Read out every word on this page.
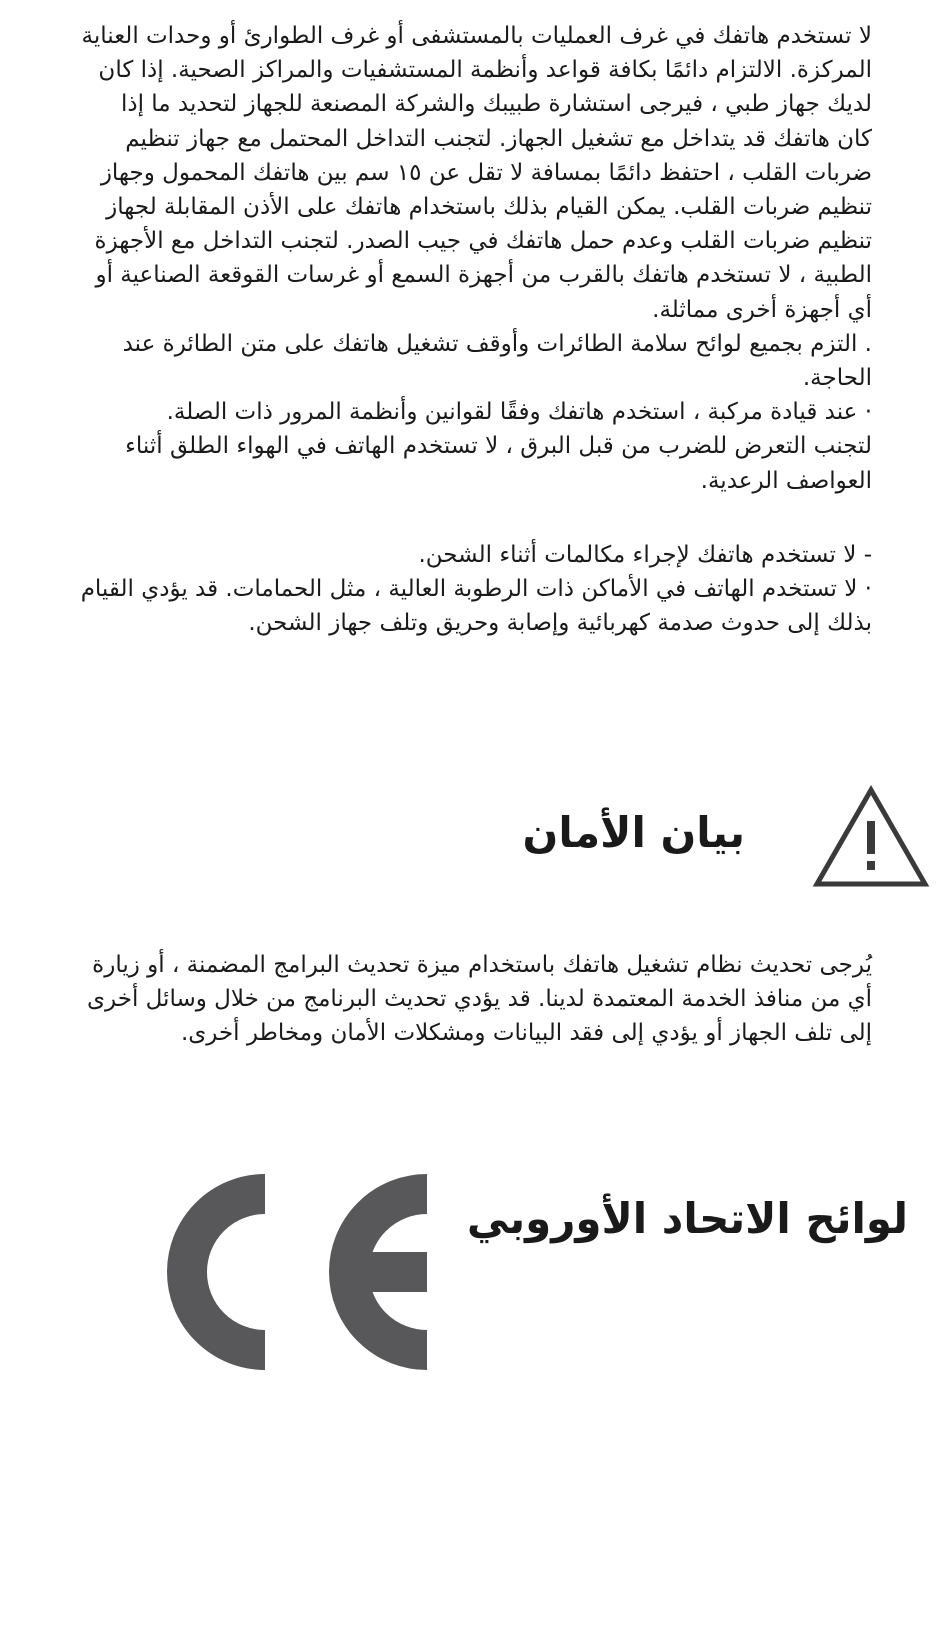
لا تستخدم هاتفك في غرف العمليات بالمستشفى أو غرف الطوارئ أو وحدات العناية
المركزة. الالتزام دائمًا بكافة قواعد وأنظمة المستشفيات والمراكز الصحية. إذا كان
لديك جهاز طبي ، فيرجى استشارة طبيبك والشركة المصنعة للجهاز لتحديد ما إذا
كان هاتفك قد يتداخل مع تشغيل الجهاز. لتجنب التداخل المحتمل مع جهاز تنظيم
ضربات القلب ، احتفظ دائمًا بمسافة لا تقل عن ١٥ سم بين هاتفك المحمول وجهاز
تنظيم ضربات القلب. يمكن القيام بذلك باستخدام هاتفك على الأذن المقابلة لجهاز
تنظيم ضربات القلب وعدم حمل هاتفك في جيب الصدر. لتجنب التداخل مع الأجهزة
الطبية ، لا تستخدم هاتفك بالقرب من أجهزة السمع أو غرسات القوقعة الصناعية أو
أي أجهزة أخرى مماثلة.
. التزم بجميع لوائح سلامة الطائرات وأوقف تشغيل هاتفك على متن الطائرة عند
الحاجة.
· عند قيادة مركبة ، استخدم هاتفك وفقًا لقوانين وأنظمة المرور ذات الصلة.
لتجنب التعرض للضرب من قبل البرق ، لا تستخدم الهاتف في الهواء الطلق أثناء
العواصف الرعدية.

- لا تستخدم هاتفك لإجراء مكالمات أثناء الشحن.
· لا تستخدم الهاتف في الأماكن ذات الرطوبة العالية ، مثل الحمامات. قد يؤدي القيام
بذلك إلى حدوث صدمة كهربائية وإصابة وحريق وتلف جهاز الشحن.

بيان الأمان

يُرجى تحديث نظام تشغيل هاتفك باستخدام ميزة تحديث البرامج المضمنة ، أو زيارة
أي من منافذ الخدمة المعتمدة لدينا. قد يؤدي تحديث البرنامج من خلال وسائل أخرى
إلى تلف الجهاز أو يؤدي إلى فقد البيانات ومشكلات الأمان ومخاطر أخرى.

لوائح الاتحاد الأوروبي
